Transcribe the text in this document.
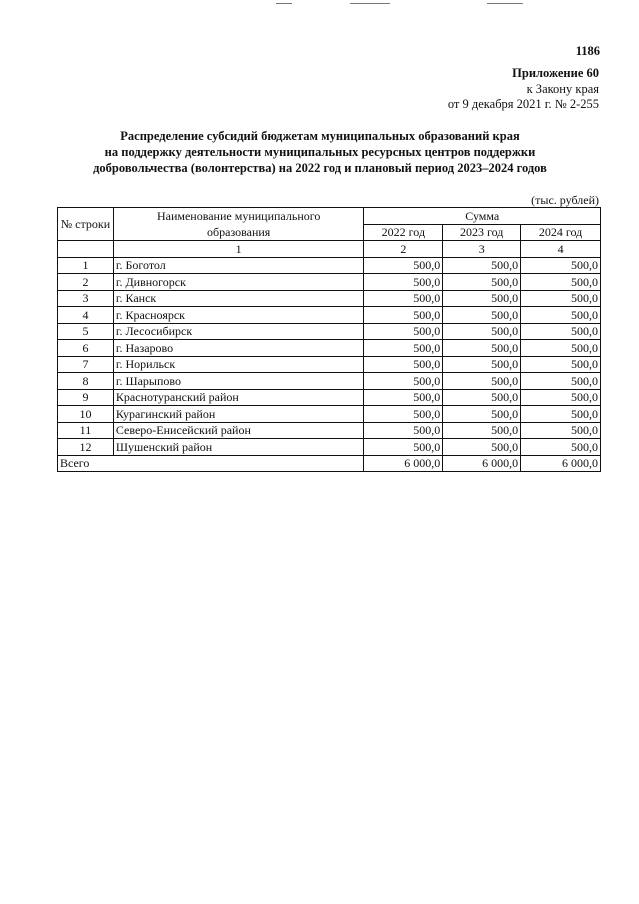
1186
Приложение 60
к Закону края
от 9 декабря 2021 г. № 2-255
Распределение субсидий бюджетам муниципальных образований края
на поддержку деятельности муниципальных ресурсных центров поддержки
добровольчества (волонтерства) на 2022 год и плановый период 2023–2024 годов
(тыс. рублей)
№ строки	Наименование муниципального образования	Сумма		
		2022 год	2023 год	2024 год
	1	2	3	4
1	г. Боготол	500,0	500,0	500,0
2	г. Дивногорск	500,0	500,0	500,0
3	г. Канск	500,0	500,0	500,0
4	г. Красноярск	500,0	500,0	500,0
5	г. Лесосибирск	500,0	500,0	500,0
6	г. Назарово	500,0	500,0	500,0
7	г. Норильск	500,0	500,0	500,0
8	г. Шарыпово	500,0	500,0	500,0
9	Краснотуранский район	500,0	500,0	500,0
10	Курагинский район	500,0	500,0	500,0
11	Северо-Енисейский район	500,0	500,0	500,0
12	Шушенский район	500,0	500,0	500,0
Всего		6 000,0	6 000,0	6 000,0
